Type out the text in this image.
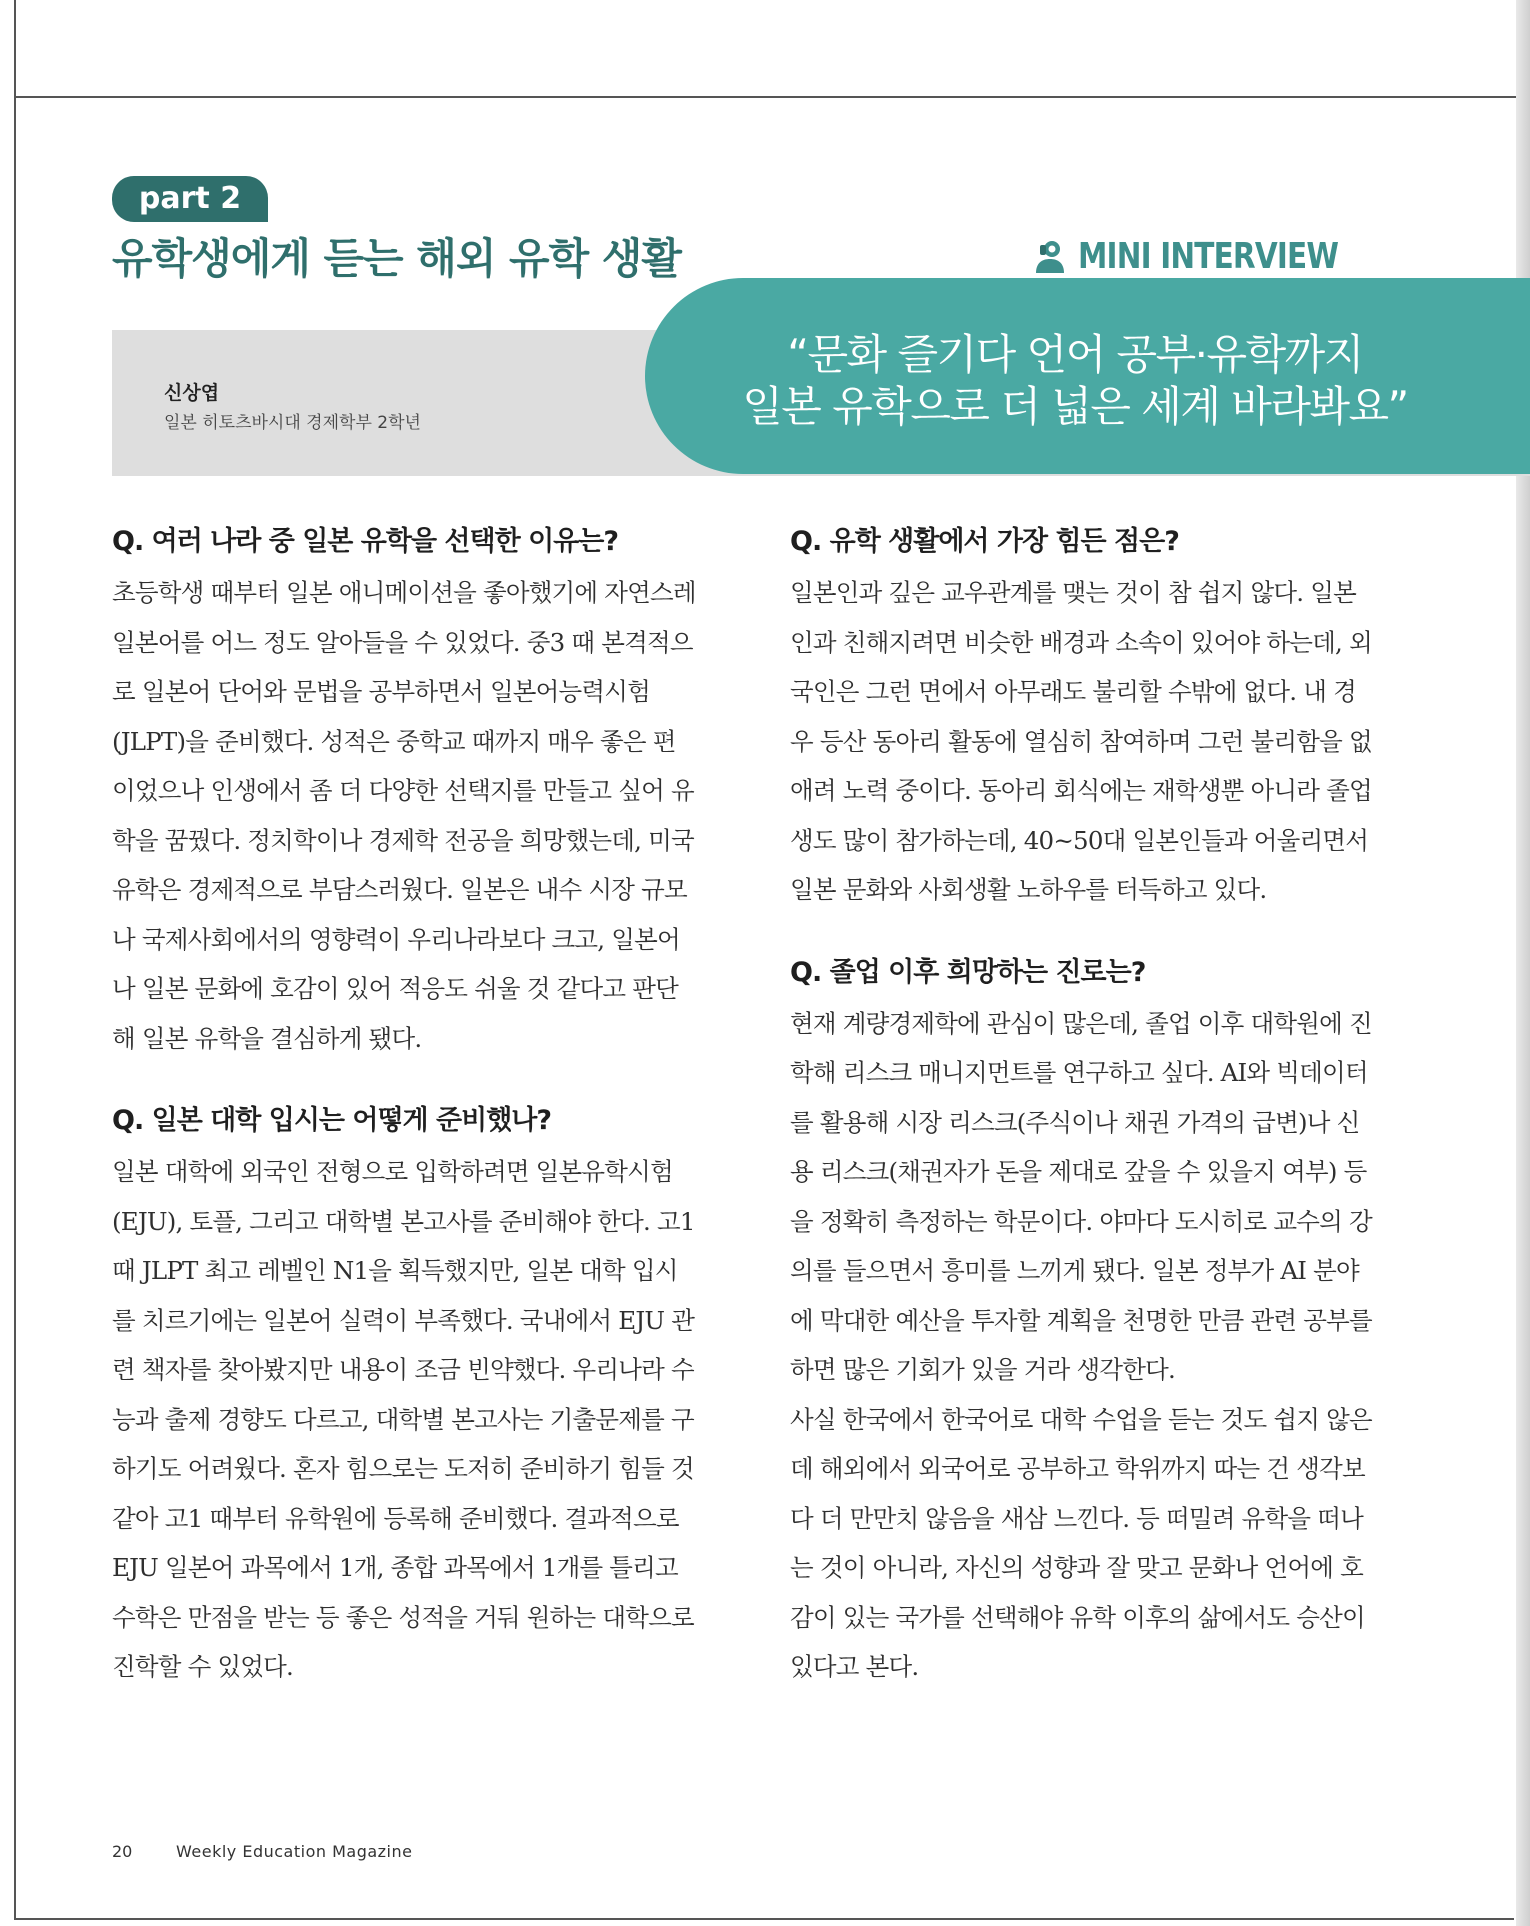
part 2
유학생에게 듣는 해외 유학 생활	MINI INTERVIEW
신상엽
일본 히토츠바시대 경제학부 2학년
“문화 즐기다 언어 공부·유학까지
일본 유학으로 더 넓은 세계 바라봐요”
Q. 여러 나라 중 일본 유학을 선택한 이유는?

초등학생 때부터 일본 애니메이션을 좋아했기에 자연스레 일본어를 어느 정도 알아들을 수 있었다. 중3 때 본격적으로 일본어 단어와 문법을 공부하면서 일본어능력시험(JLPT)을 준비했다. 성적은 중학교 때까지 매우 좋은 편이었으나 인생에서 좀 더 다양한 선택지를 만들고 싶어 유학을 꿈꿨다. 정치학이나 경제학 전공을 희망했는데, 미국 유학은 경제적으로 부담스러웠다. 일본은 내수 시장 규모나 국제사회에서의 영향력이 우리나라보다 크고, 일본어나 일본 문화에 호감이 있어 적응도 쉬울 것 같다고 판단해 일본 유학을 결심하게 됐다.

Q. 일본 대학 입시는 어떻게 준비했나?

일본 대학에 외국인 전형으로 입학하려면 일본유학시험(EJU), 토플, 그리고 대학별 본고사를 준비해야 한다. 고1 때 JLPT 최고 레벨인 N1을 획득했지만, 일본 대학 입시를 치르기에는 일본어 실력이 부족했다. 국내에서 EJU 관련 책자를 찾아봤지만 내용이 조금 빈약했다. 우리나라 수능과 출제 경향도 다르고, 대학별 본고사는 기출문제를 구하기도 어려웠다. 혼자 힘으로는 도저히 준비하기 힘들 것 같아 고1 때부터 유학원에 등록해 준비했다. 결과적으로 EJU 일본어 과목에서 1개, 종합 과목에서 1개를 틀리고 수학은 만점을 받는 등 좋은 성적을 거둬 원하는 대학으로 진학할 수 있었다.

Q. 유학 생활에서 가장 힘든 점은?

일본인과 깊은 교우관계를 맺는 것이 참 쉽지 않다. 일본인과 친해지려면 비슷한 배경과 소속이 있어야 하는데, 외국인은 그런 면에서 아무래도 불리할 수밖에 없다. 내 경우 등산 동아리 활동에 열심히 참여하며 그런 불리함을 없애려 노력 중이다. 동아리 회식에는 재학생뿐 아니라 졸업생도 많이 참가하는데, 40~50대 일본인들과 어울리면서 일본 문화와 사회생활 노하우를 터득하고 있다.

Q. 졸업 이후 희망하는 진로는?

현재 계량경제학에 관심이 많은데, 졸업 이후 대학원에 진학해 리스크 매니지먼트를 연구하고 싶다. AI와 빅데이터를 활용해 시장 리스크(주식이나 채권 가격의 급변)나 신용 리스크(채권자가 돈을 제대로 갚을 수 있을지 여부) 등을 정확히 측정하는 학문이다. 야마다 도시히로 교수의 강의를 들으면서 흥미를 느끼게 됐다. 일본 정부가 AI 분야에 막대한 예산을 투자할 계획을 천명한 만큼 관련 공부를 하면 많은 기회가 있을 거라 생각한다.

사실 한국에서 한국어로 대학 수업을 듣는 것도 쉽지 않은데 해외에서 외국어로 공부하고 학위까지 따는 건 생각보다 더 만만치 않음을 새삼 느낀다. 등 떠밀려 유학을 떠나는 것이 아니라, 자신의 성향과 잘 맞고 문화나 언어에 호감이 있는 국가를 선택해야 유학 이후의 삶에서도 승산이 있다고 본다.

20	Weekly Education Magazine
